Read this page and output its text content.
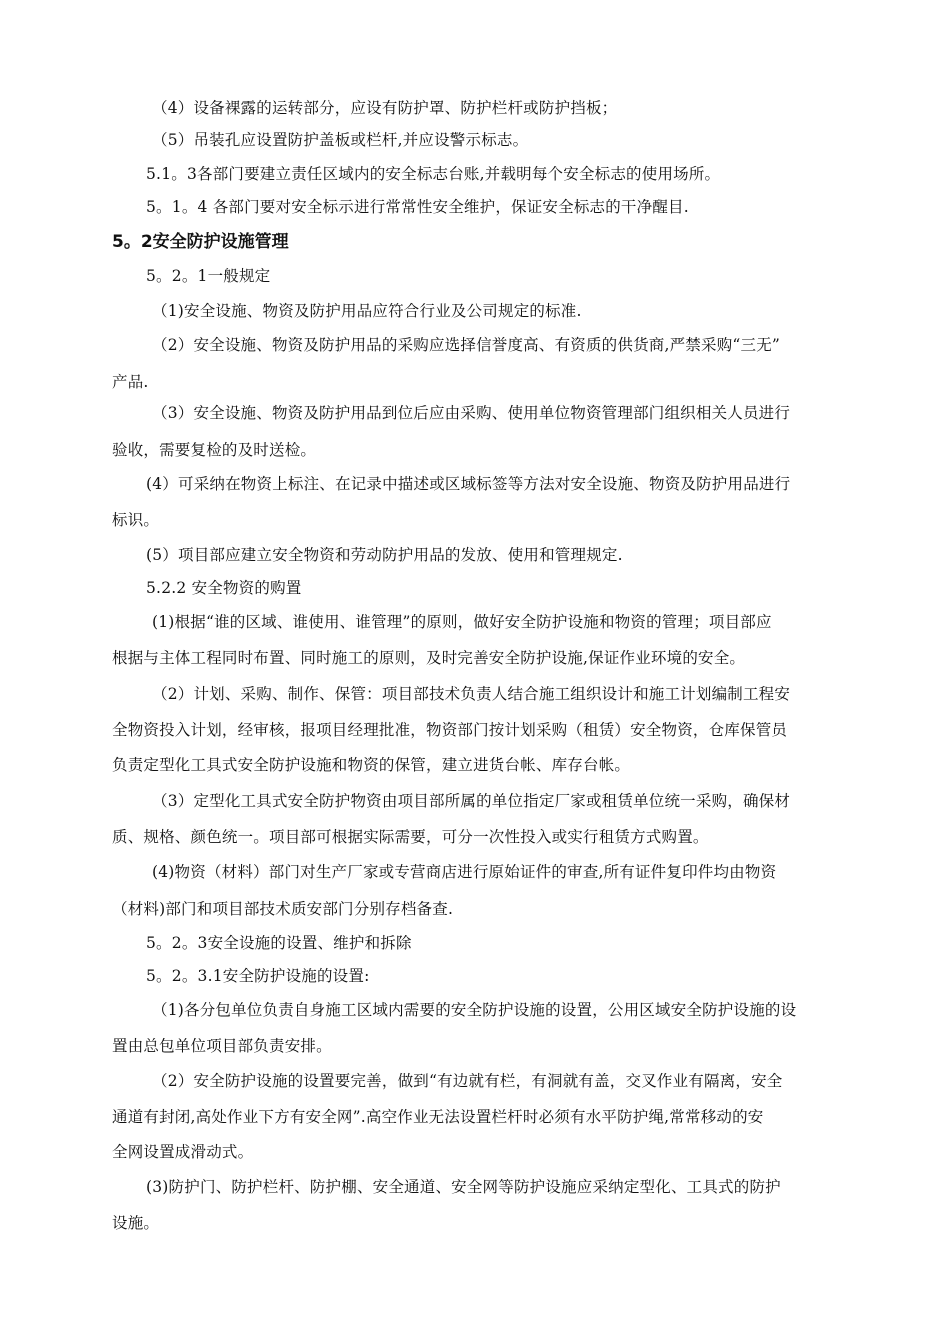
（4）设备裸露的运转部分，应设有防护罩、防护栏杆或防护挡板；
（5）吊装孔应设置防护盖板或栏杆,并应设警示标志。
5.1。3各部门要建立责任区域内的安全标志台账,并载明每个安全标志的使用场所。
5。1。4 各部门要对安全标示进行常常性安全维护，保证安全标志的干净醒目.
5。2安全防护设施管理
5。2。1一般规定
（1)安全设施、物资及防护用品应符合行业及公司规定的标准.
（2）安全设施、物资及防护用品的采购应选择信誉度高、有资质的供货商,严禁采购“三无”
产品.
（3）安全设施、物资及防护用品到位后应由采购、使用单位物资管理部门组织相关人员进行
验收，需要复检的及时送检。
(4）可采纳在物资上标注、在记录中描述或区域标签等方法对安全设施、物资及防护用品进行
标识。
(5）项目部应建立安全物资和劳动防护用品的发放、使用和管理规定.
5.2.2 安全物资的购置
(1)根据“谁的区域、谁使用、谁管理”的原则，做好安全防护设施和物资的管理；项目部应
根据与主体工程同时布置、同时施工的原则，及时完善安全防护设施,保证作业环境的安全。
（2）计划、采购、制作、保管：项目部技术负责人结合施工组织设计和施工计划编制工程安
全物资投入计划，经审核，报项目经理批准，物资部门按计划采购（租赁）安全物资，仓库保管员
负责定型化工具式安全防护设施和物资的保管，建立进货台帐、库存台帐。
（3）定型化工具式安全防护物资由项目部所属的单位指定厂家或租赁单位统一采购，确保材
质、规格、颜色统一。项目部可根据实际需要，可分一次性投入或实行租赁方式购置。
(4)物资（材料）部门对生产厂家或专营商店进行原始证件的审查,所有证件复印件均由物资
（材料)部门和项目部技术质安部门分别存档备查.
5。2。3安全设施的设置、维护和拆除
5。2。3.1安全防护设施的设置:
（1)各分包单位负责自身施工区域内需要的安全防护设施的设置，公用区域安全防护设施的设
置由总包单位项目部负责安排。
（2）安全防护设施的设置要完善，做到“有边就有栏，有洞就有盖，交叉作业有隔离，安全
通道有封闭,高处作业下方有安全网”.高空作业无法设置栏杆时必须有水平防护绳,常常移动的安
全网设置成滑动式。
(3)防护门、防护栏杆、防护棚、安全通道、安全网等防护设施应采纳定型化、工具式的防护
设施。
